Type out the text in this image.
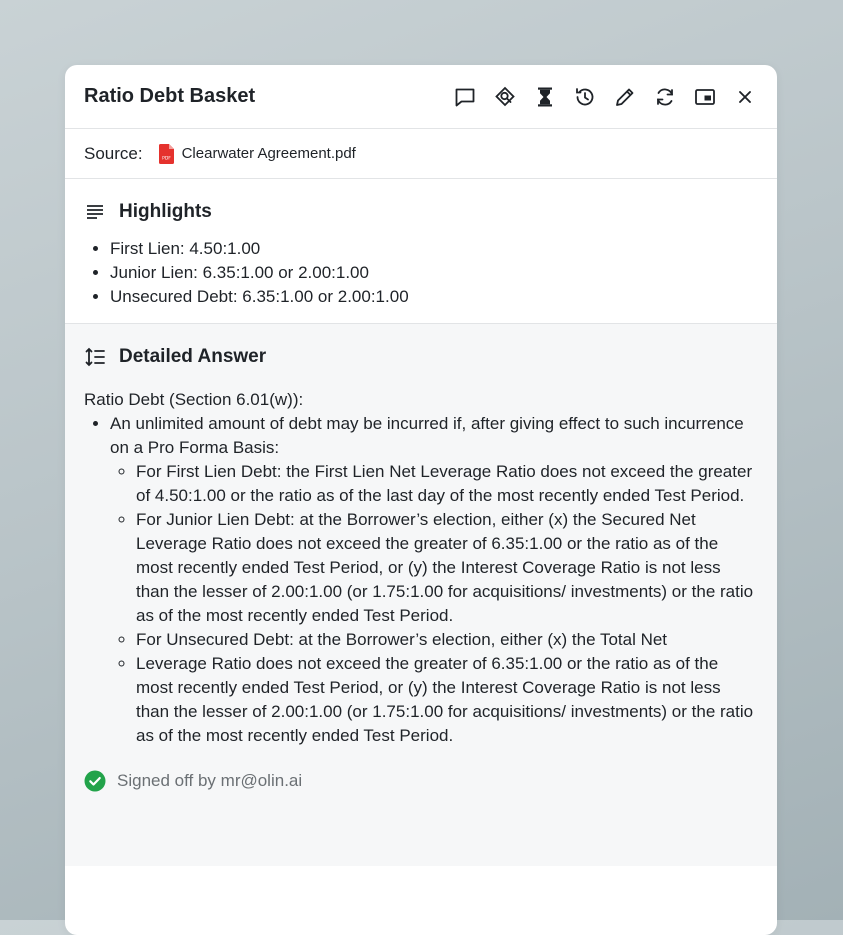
Ratio Debt Basket
Source:	PDF Clearwater Agreement.pdf
Highlights
• First Lien: 4.50:1.00
• Junior Lien: 6.35:1.00 or 2.00:1.00
• Unsecured Debt: 6.35:1.00 or 2.00:1.00
Detailed Answer
Ratio Debt (Section 6.01(w)):
• An unlimited amount of debt may be incurred if, after giving effect to such incurrence on a Pro Forma Basis:
◦ For First Lien Debt: the First Lien Net Leverage Ratio does not exceed the greater of 4.50:1.00 or the ratio as of the last day of the most recently ended Test Period.
◦ For Junior Lien Debt: at the Borrower’s election, either (x) the Secured Net Leverage Ratio does not exceed the greater of 6.35:1.00 or the ratio as of the most recently ended Test Period, or (y) the Interest Coverage Ratio is not less than the lesser of 2.00:1.00 (or 1.75:1.00 for acquisitions/ investments) or the ratio as of the most recently ended Test Period.
◦ For Unsecured Debt: at the Borrower’s election, either (x) the Total Net
◦ Leverage Ratio does not exceed the greater of 6.35:1.00 or the ratio as of the most recently ended Test Period, or (y) the Interest Coverage Ratio is not less than the lesser of 2.00:1.00 (or 1.75:1.00 for acquisitions/ investments) or the ratio as of the most recently ended Test Period.
Signed off by mr@olin.ai
